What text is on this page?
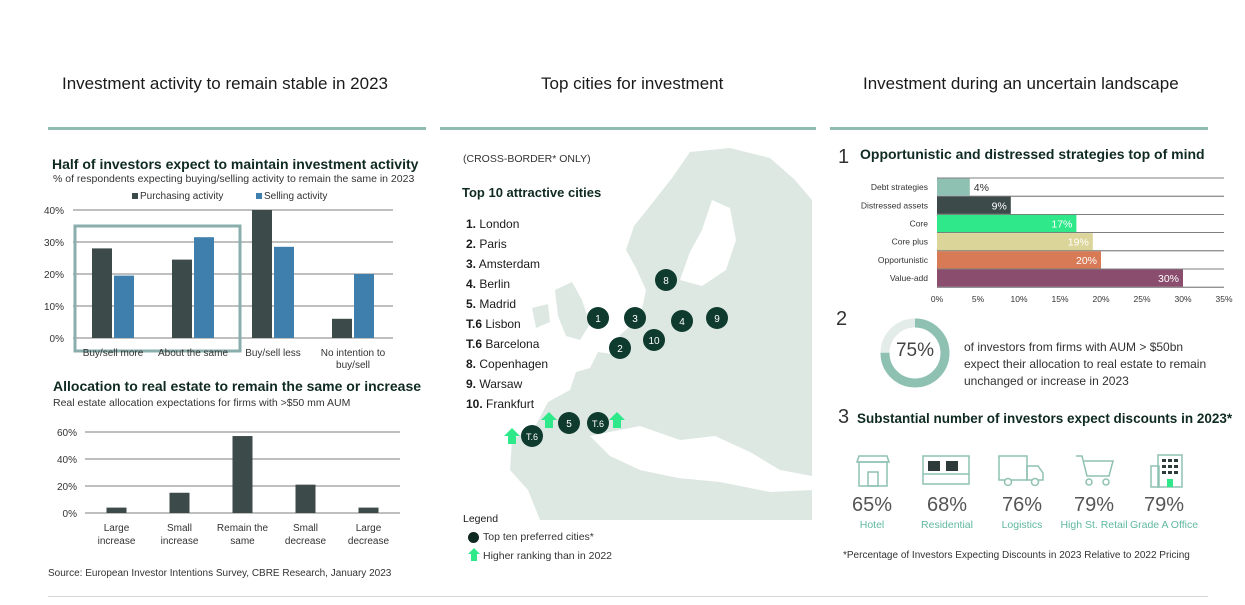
Investment activity to remain stable in 2023	Top cities for investment	Investment during an uncertain landscape
Half of investors expect to maintain investment activity
% of respondents expecting buying/selling activity to remain the same in 2023
Purchasing activity	Selling activity
0%
10%
20%
30%
40%
Buy/sell more About the same Buy/sell less No intention to
buy/sell
Allocation to real estate to remain the same or increase
Real estate allocation expectations for firms with >$50 mm AUM
0%
20%
40%
60%
Large
increase
Small
increase
Remain the
same
Small
decrease
Large
decrease
Source: European Investor Intentions Survey, CBRE Research, January 2023
(CROSS-BORDER* ONLY)
Top 10 attractive cities
1. London
2. Paris
3. Amsterdam
4. Berlin
5. Madrid
T.6 Lisbon
T.6 Barcelona
8. Copenhagen
9. Warsaw
10. Frankfurt
1	3	4	9
8
2
10
T.6
5 T.6
Legend
Top ten preferred cities*
Higher ranking than in 2022
1 Opportunistic and distressed strategies top of mind
0%	5%	10%	15%	20%	25%	30%	35%
Debt strategies	4%
Distressed assets	9%
Core	17%
Core plus	19%
Opportunistic	20%
Value-add	30%
2
75%	of investors from firms with AUM > $50bn
expect their allocation to real estate to remain
unchanged or increase in 2023
3 Substantial number of investors expect discounts in 2023*
65%	68%	76%	79%	79%
Hotel	Residential	Logistics	High St. Retail Grade A Office
*Percentage of Investors Expecting Discounts in 2023 Relative to 2022 Pricing
